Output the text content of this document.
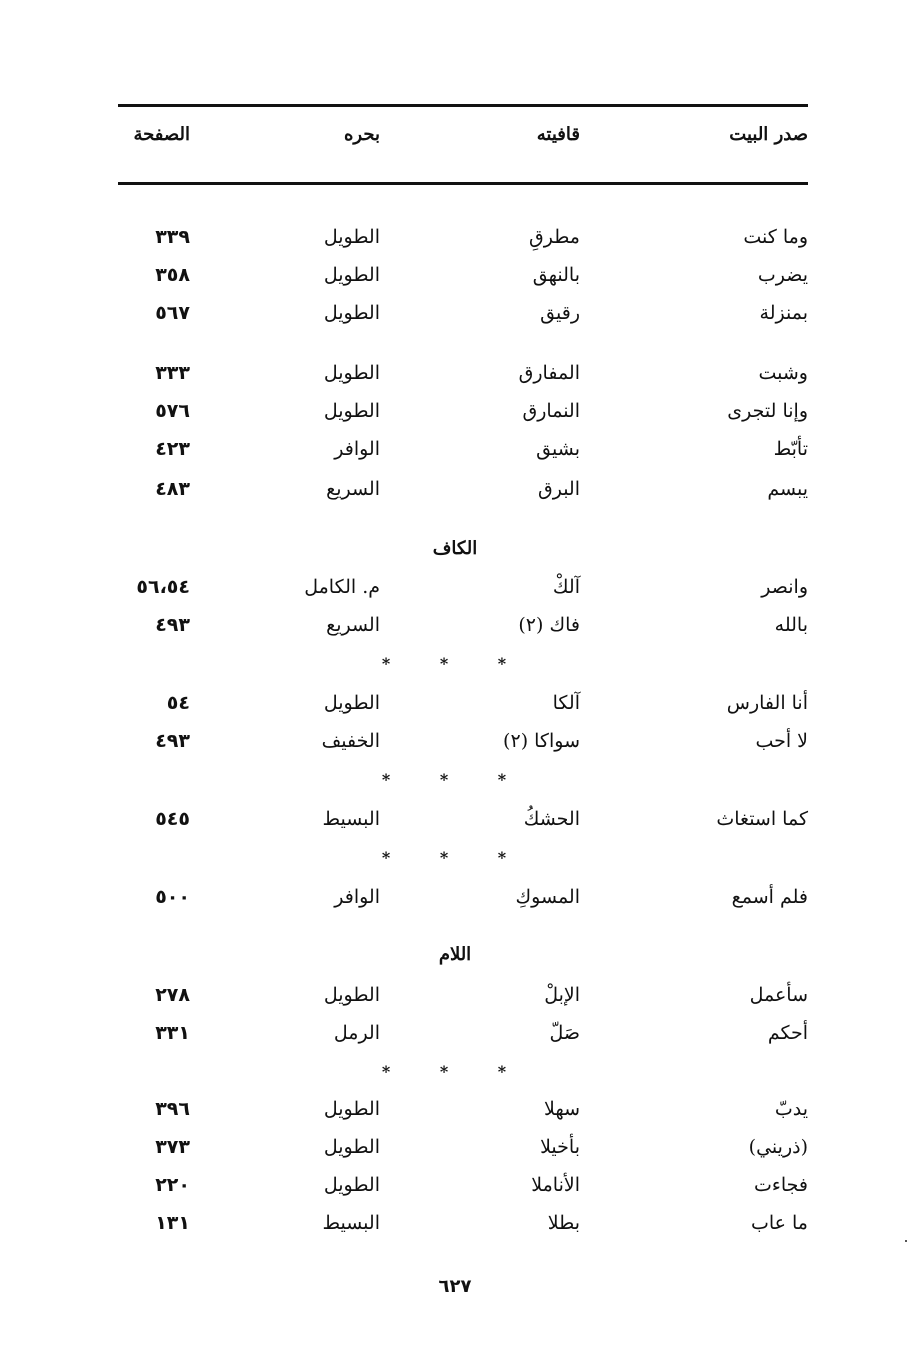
صدر البيت
قافيته
بحره
الصفحة
وما كنت
مطرقِ
الطويل
٣٣٩
يضرب
بالنهق
الطويل
٣٥٨
بمنزلة
رقيق
الطويل
٥٦٧
وشبت
المفارق
الطويل
٣٣٣
وإنا لتجرى
النمارق
الطويل
٥٧٦
تأبّط
بشيق
الوافر
٤٢٣
يبسم
البرق
السريع
٤٨٣
وانصر
آلكْ
م. الكامل
٥٦،٥٤
بالله
فاك (٢)
السريع
٤٩٣
أنا الفارس
آلكا
الطويل
٥٤
لا أحب
سواكا (٢)
الخفيف
٤٩٣
كما استغاث
الحشكُ
البسيط
٥٤٥
فلم أسمع
المسوكِ
الوافر
٥٠٠
سأعمل
الإبلْ
الطويل
٢٧٨
أحكم
صَلّ
الرمل
٣٣١
يدبّ
سهلا
الطويل
٣٩٦
(ذريني)
بأخيلا
الطويل
٣٧٣
فجاءت
الأناملا
الطويل
٢٢٠
ما عاب
بطلا
البسيط
١٣١
الكاف
اللام
* * *
* * *
* * *
* * *
٦٢٧
